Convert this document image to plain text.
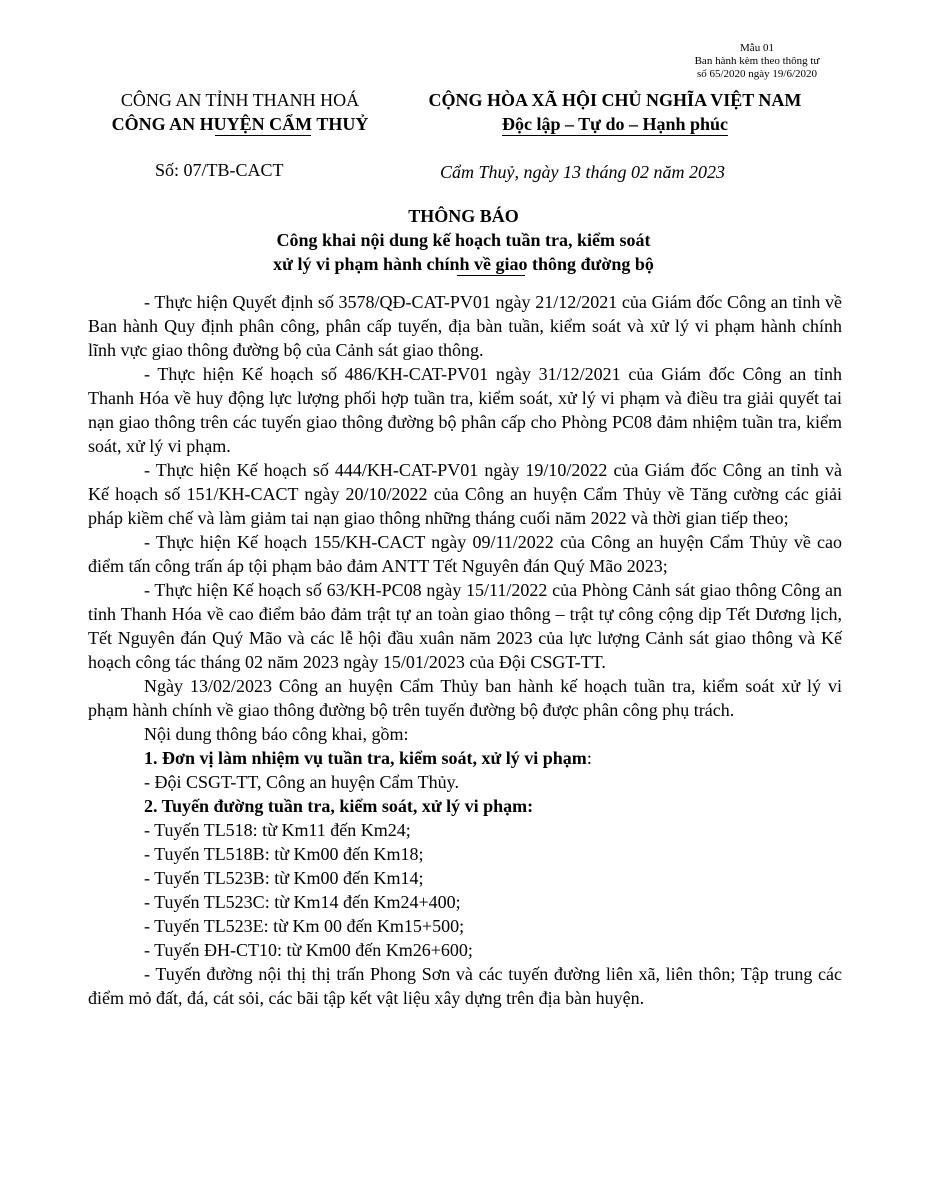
Mẫu 01
Ban hành kèm theo thông tư
số 65/2020 ngày 19/6/2020
CÔNG AN TỈNH THANH HOÁ
CÔNG AN HUYỆN CẨM THUỶ
CỘNG HÒA XÃ HỘI CHỦ NGHĨA VIỆT NAM
Độc lập – Tự do – Hạnh phúc
Số: 07/TB-CACT	Cẩm Thuỷ, ngày 13 tháng 02 năm 2023
THÔNG BÁO
Công khai nội dung kế hoạch tuần tra, kiểm soát
xử lý vi phạm hành chính về giao thông đường bộ

- Thực hiện Quyết định số 3578/QĐ-CAT-PV01 ngày 21/12/2021 của Giám đốc Công an tỉnh về Ban hành Quy định phân công, phân cấp tuyến, địa bàn tuần, kiểm soát và xử lý vi phạm hành chính lĩnh vực giao thông đường bộ của Cảnh sát giao thông.

- Thực hiện Kế hoạch số 486/KH-CAT-PV01 ngày 31/12/2021 của Giám đốc Công an tỉnh Thanh Hóa về huy động lực lượng phối hợp tuần tra, kiểm soát, xử lý vi phạm và điều tra giải quyết tai nạn giao thông trên các tuyến giao thông đường bộ phân cấp cho Phòng PC08 đảm nhiệm tuần tra, kiểm soát, xử lý vi phạm.

- Thực hiện Kế hoạch số 444/KH-CAT-PV01 ngày 19/10/2022 của Giám đốc Công an tỉnh và Kế hoạch số 151/KH-CACT ngày 20/10/2022 của Công an huyện Cẩm Thủy về Tăng cường các giải pháp kiềm chế và làm giảm tai nạn giao thông những tháng cuối năm 2022 và thời gian tiếp theo;

- Thực hiện Kế hoạch 155/KH-CACT ngày 09/11/2022 của Công an huyện Cẩm Thủy về cao điểm tấn công trấn áp tội phạm bảo đảm ANTT Tết Nguyên đán Quý Mão 2023;

- Thực hiện Kế hoạch số 63/KH-PC08 ngày 15/11/2022 của Phòng Cảnh sát giao thông Công an tỉnh Thanh Hóa về cao điểm bảo đảm trật tự an toàn giao thông – trật tự công cộng dịp Tết Dương lịch, Tết Nguyên đán Quý Mão và các lễ hội đầu xuân năm 2023 của lực lượng Cảnh sát giao thông và Kế hoạch công tác tháng 02 năm 2023 ngày 15/01/2023 của Đội CSGT-TT.

Ngày 13/02/2023 Công an huyện Cẩm Thủy ban hành kế hoạch tuần tra, kiểm soát xử lý vi phạm hành chính về giao thông đường bộ trên tuyến đường bộ được phân công phụ trách.

Nội dung thông báo công khai, gồm:

1. Đơn vị làm nhiệm vụ tuần tra, kiểm soát, xử lý vi phạm:

- Đội CSGT-TT, Công an huyện Cẩm Thủy.

2. Tuyến đường tuần tra, kiểm soát, xử lý vi phạm:

- Tuyến TL518: từ Km11 đến Km24;

- Tuyến TL518B: từ Km00 đến Km18;

- Tuyến TL523B: từ Km00 đến Km14;

- Tuyến TL523C: từ Km14 đến Km24+400;

- Tuyến TL523E: từ Km 00 đến Km15+500;

- Tuyến ĐH-CT10: từ Km00 đến Km26+600;

- Tuyến đường nội thị thị trấn Phong Sơn và các tuyến đường liên xã, liên thôn; Tập trung các điểm mỏ đất, đá, cát sỏi, các bãi tập kết vật liệu xây dựng trên địa bàn huyện.
